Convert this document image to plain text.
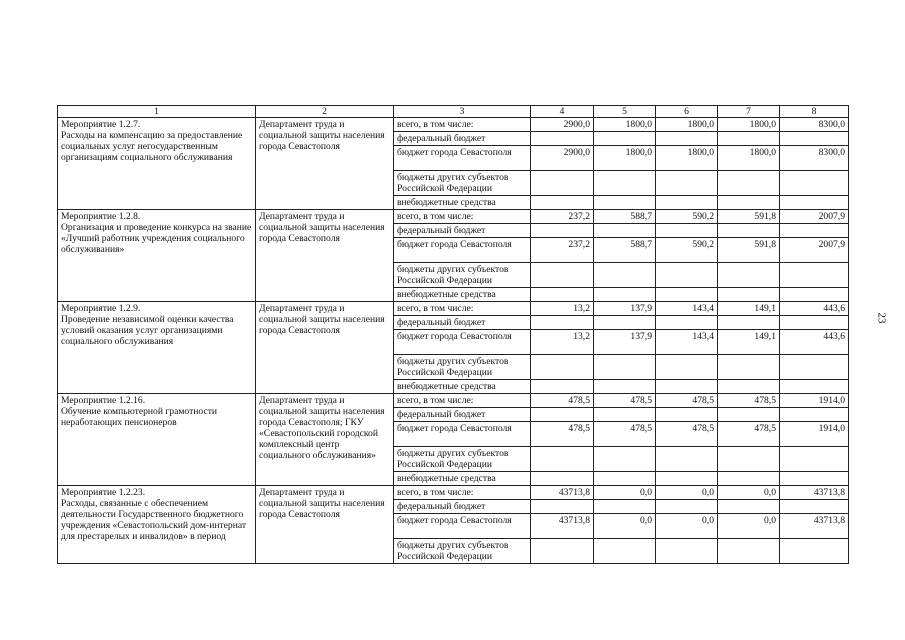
23
1	2	3	4	5	6	7	8

Мероприятие 1.2.7.
Расходы на компенсацию за предоставление социальных услуг негосударственным организациям социального обслуживания	Департамент труда и социальной защиты населения города Севастополя	всего, в том числе:	2900,0	1800,0	1800,0	1800,0	8300,0
		федеральный бюджет					
		бюджет города Севастополя	2900,0	1800,0	1800,0	1800,0	8300,0
		бюджеты других субъектов Российской Федерации					
		внебюджетные средства					

Мероприятие 1.2.8.
Организация и проведение конкурса на звание «Лучший работник учреждения социального обслуживания»	Департамент труда и социальной защиты населения города Севастополя	всего, в том числе:	237,2	588,7	590,2	591,8	2007,9
		федеральный бюджет					
		бюджет города Севастополя	237,2	588,7	590,2	591,8	2007,9
		бюджеты других субъектов Российской Федерации					
		внебюджетные средства					

Мероприятие 1.2.9.
Проведение независимой оценки качества условий оказания услуг организациями социального обслуживания	Департамент труда и социальной защиты населения города Севастополя	всего, в том числе:	13,2	137,9	143,4	149,1	443,6
		федеральный бюджет					
		бюджет города Севастополя	13,2	137,9	143,4	149,1	443,6
		бюджеты других субъектов Российской Федерации					
		внебюджетные средства					

Мероприятие 1.2.16.
Обучение компьютерной грамотности неработающих пенсионеров	Департамент труда и социальной защиты населения города Севастополя; ГКУ «Севастопольский городской комплексный центр социального обслуживания»	всего, в том числе:	478,5	478,5	478,5	478,5	1914,0
		федеральный бюджет					
		бюджет города Севастополя	478,5	478,5	478,5	478,5	1914,0
		бюджеты других субъектов Российской Федерации					
		внебюджетные средства					

Мероприятие 1.2.23.
Расходы, связанные с обеспечением деятельности Государственного бюджетного учреждения «Севастопольский дом-интернат для престарелых и инвалидов» в период	Департамент труда и социальной защиты населения города Севастополя	всего, в том числе:	43713,8	0,0	0,0	0,0	43713,8
		федеральный бюджет					
		бюджет города Севастополя	43713,8	0,0	0,0	0,0	43713,8
		бюджеты других субъектов Российской Федерации					
